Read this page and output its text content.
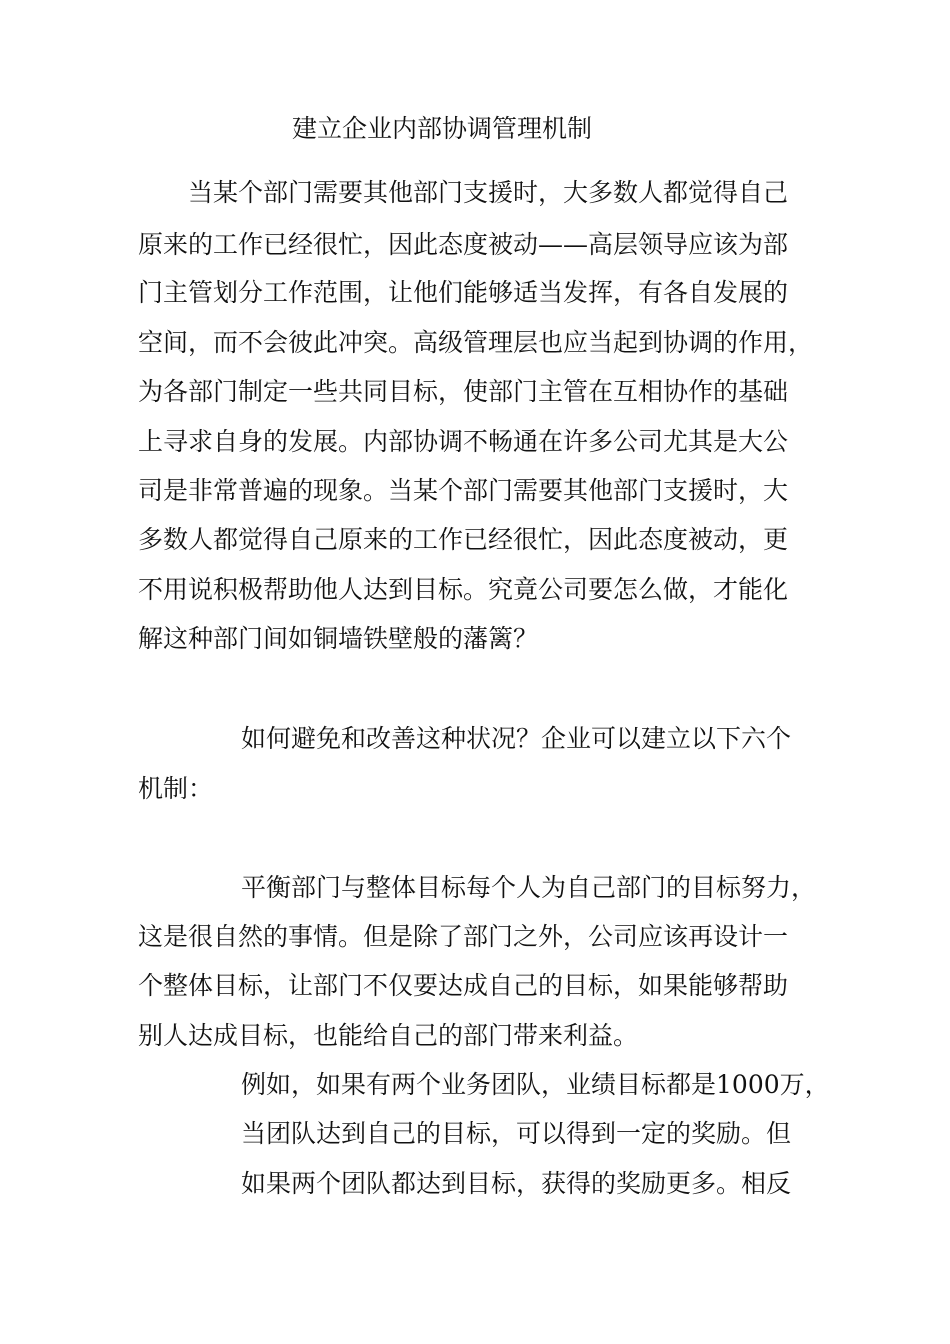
建立企业内部协调管理机制
当某个部门需要其他部门支援时，大多数人都觉得自己
原来的工作已经很忙，因此态度被动——高层领导应该为部
门主管划分工作范围，让他们能够适当发挥，有各自发展的
空间，而不会彼此冲突。高级管理层也应当起到协调的作用，
为各部门制定一些共同目标，使部门主管在互相协作的基础
上寻求自身的发展。内部协调不畅通在许多公司尤其是大公
司是非常普遍的现象。当某个部门需要其他部门支援时，大
多数人都觉得自己原来的工作已经很忙，因此态度被动，更
不用说积极帮助他人达到目标。究竟公司要怎么做，才能化
解这种部门间如铜墙铁壁般的藩篱？
如何避免和改善这种状况？企业可以建立以下六个
机制：
平衡部门与整体目标每个人为自己部门的目标努力，
这是很自然的事情。但是除了部门之外，公司应该再设计一
个整体目标，让部门不仅要达成自己的目标，如果能够帮助
别人达成目标，也能给自己的部门带来利益。
例如，如果有两个业务团队，业绩目标都是1000万，
当团队达到自己的目标，可以得到一定的奖励。但
如果两个团队都达到目标，获得的奖励更多。相反
